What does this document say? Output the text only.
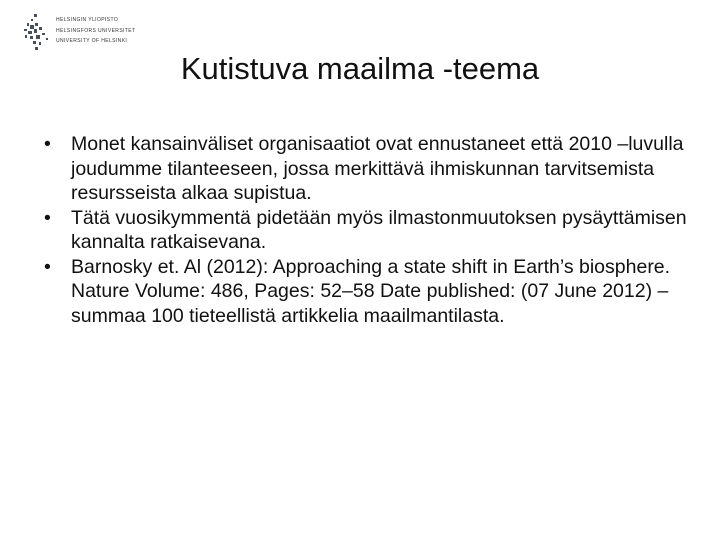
HELSINGIN YLIOPISTO
HELSINGFORS UNIVERSITET
UNIVERSITY OF HELSINKI
Kutistuva maailma -teema
• Monet kansainväliset organisaatiot ovat ennustaneet että 2010 –luvulla joudumme tilanteeseen, jossa merkittävä ihmiskunnan tarvitsemista resursseista alkaa supistua.
• Tätä vuosikymmentä pidetään myös ilmastonmuutoksen pysäyttämisen kannalta ratkaisevana.
• Barnosky et. Al (2012): Approaching a state shift in Earth’s biosphere. Nature Volume: 486, Pages: 52–58 Date published: (07 June 2012) – summaa 100 tieteellistä artikkelia maailmantilasta.
